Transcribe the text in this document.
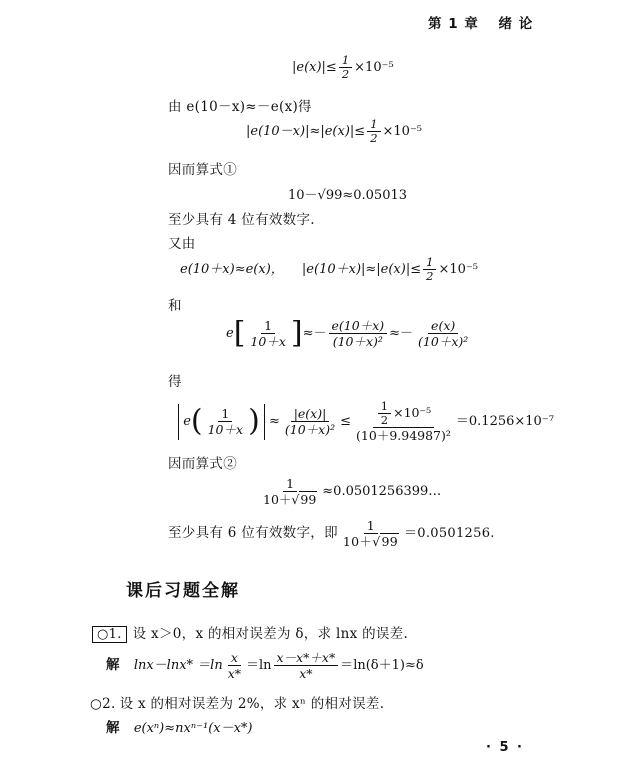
第 1 章 绪 论
$|e(x)|\le \frac{1}{2} \times 10^{-5}$
由 e(10－x)≈－e(x)得
$|e(10-x)|\approx|e(x)|\le \frac{1}{2} \times 10^{-5}$
因而算式①
10－√99≈0.05013
至少具有 4 位有效数字.
又由
e(10＋x)≈e(x)， $|e(10+x)|\approx|e(x)|\le \frac{1}{2} \times 10^{-5}$
和
$e[ \frac{1}{10+x}$ ]≈－ $\frac{e(10+x)}{\text{(10＋x)²}} \approx- \frac{e(x)}{\text{(10＋x)²}}$
得
$e( \frac{1}{10+x}$ ) ≈ $\frac{|e(x)|}{\text{(10＋x)²}} \le \frac{\frac{1}{2} \times 10^{-5}}{\text{(10＋9.94987)²}} =0.1256\times 10^{-7}$
因而算式②
$\frac{1}{10+√99}$ ≈0.0501256399…
至少具有 6 位有效数字，即 $\frac{1}{10+√99} =0.0501256$.
课后习题全解
○1. 设 x＞0，x 的相对误差为 δ，求 lnx 的误差.
解 $\ln x-\ln x* =\ln \frac{x}{x*} =\ln \frac{x-x*+x*}{x*} =\ln(\delta+1)\approx\delta$
○2. 设 x 的相对误差为 2%，求 xⁿ 的相对误差.
解 e(xⁿ)≈nxⁿ⁻¹(x－x*)
· 5 ·
